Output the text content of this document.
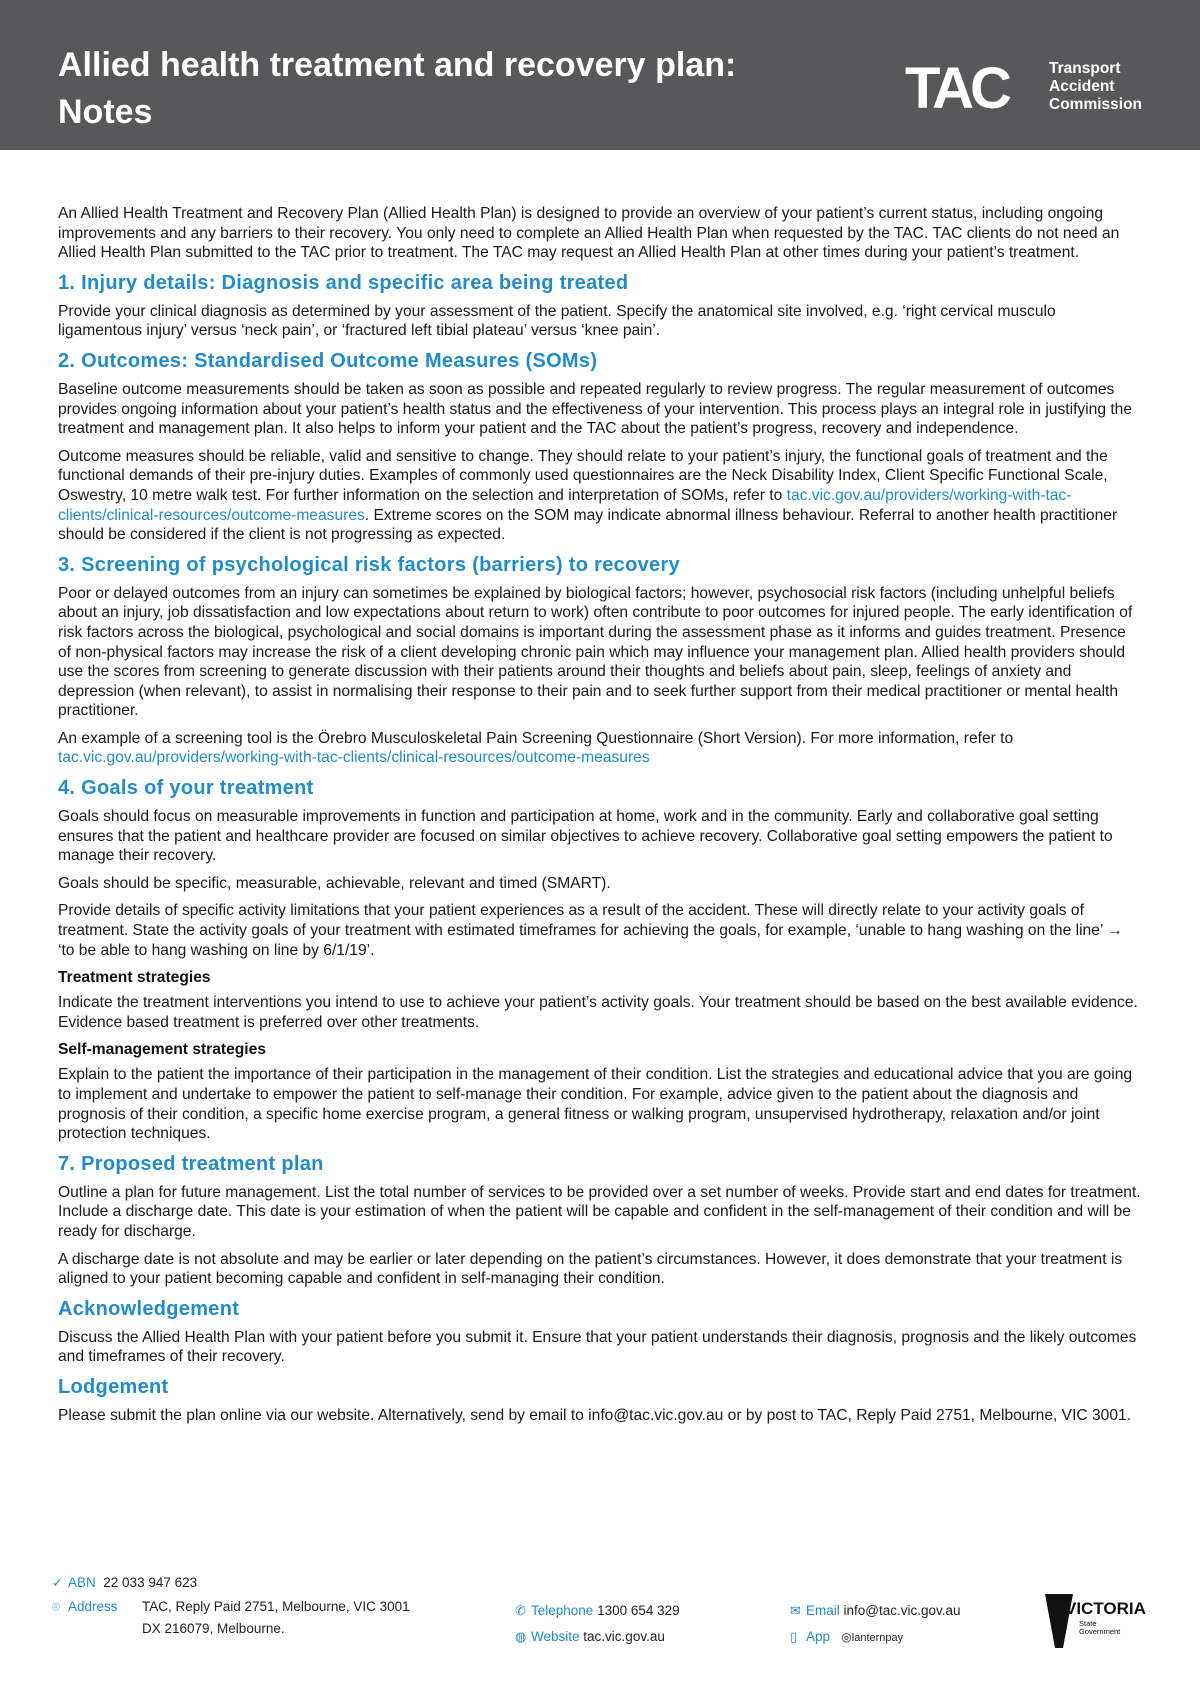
Allied health treatment and recovery plan:
Notes	TAC	Transport
Accident
Commission

An Allied Health Treatment and Recovery Plan (Allied Health Plan) is designed to provide an overview of your patient’s current status, including ongoing improvements and any barriers to their recovery. You only need to complete an Allied Health Plan when requested by the TAC. TAC clients do not need an Allied Health Plan submitted to the TAC prior to treatment. The TAC may request an Allied Health Plan at other times during your patient’s treatment.

1. Injury details: Diagnosis and specific area being treated

Provide your clinical diagnosis as determined by your assessment of the patient. Specify the anatomical site involved, e.g. ‘right cervical musculo ligamentous injury’ versus ‘neck pain’, or ‘fractured left tibial plateau’ versus ‘knee pain’.

2. Outcomes: Standardised Outcome Measures (SOMs)

Baseline outcome measurements should be taken as soon as possible and repeated regularly to review progress. The regular measurement of outcomes provides ongoing information about your patient’s health status and the effectiveness of your intervention. This process plays an integral role in justifying the treatment and management plan. It also helps to inform your patient and the TAC about the patient’s progress, recovery and independence.

Outcome measures should be reliable, valid and sensitive to change. They should relate to your patient’s injury, the functional goals of treatment and the functional demands of their pre-injury duties. Examples of commonly used questionnaires are the Neck Disability Index, Client Specific Functional Scale, Oswestry, 10 metre walk test. For further information on the selection and interpretation of SOMs, refer to tac.vic.gov.au/providers/working-with-tac-clients/clinical-resources/outcome-measures. Extreme scores on the SOM may indicate abnormal illness behaviour. Referral to another health practitioner should be considered if the client is not progressing as expected.

3. Screening of psychological risk factors (barriers) to recovery

Poor or delayed outcomes from an injury can sometimes be explained by biological factors; however, psychosocial risk factors (including unhelpful beliefs about an injury, job dissatisfaction and low expectations about return to work) often contribute to poor outcomes for injured people. The early identification of risk factors across the biological, psychological and social domains is important during the assessment phase as it informs and guides treatment. Presence of non-physical factors may increase the risk of a client developing chronic pain which may influence your management plan. Allied health providers should use the scores from screening to generate discussion with their patients around their thoughts and beliefs about pain, sleep, feelings of anxiety and depression (when relevant), to assist in normalising their response to their pain and to seek further support from their medical practitioner or mental health practitioner.

An example of a screening tool is the Örebro Musculoskeletal Pain Screening Questionnaire (Short Version). For more information, refer to
tac.vic.gov.au/providers/working-with-tac-clients/clinical-resources/outcome-measures

4. Goals of your treatment

Goals should focus on measurable improvements in function and participation at home, work and in the community. Early and collaborative goal setting ensures that the patient and healthcare provider are focused on similar objectives to achieve recovery. Collaborative goal setting empowers the patient to manage their recovery.

Goals should be specific, measurable, achievable, relevant and timed (SMART).

Provide details of specific activity limitations that your patient experiences as a result of the accident. These will directly relate to your activity goals of treatment. State the activity goals of your treatment with estimated timeframes for achieving the goals, for example, ‘unable to hang washing on the line’ → ‘to be able to hang washing on line by 6/1/19’.

Treatment strategies

Indicate the treatment interventions you intend to use to achieve your patient’s activity goals. Your treatment should be based on the best available evidence. Evidence based treatment is preferred over other treatments.

Self-management strategies

Explain to the patient the importance of their participation in the management of their condition. List the strategies and educational advice that you are going to implement and undertake to empower the patient to self-manage their condition. For example, advice given to the patient about the diagnosis and prognosis of their condition, a specific home exercise program, a general fitness or walking program, unsupervised hydrotherapy, relaxation and/or joint protection techniques.

7. Proposed treatment plan

Outline a plan for future management. List the total number of services to be provided over a set number of weeks. Provide start and end dates for treatment. Include a discharge date. This date is your estimation of when the patient will be capable and confident in the self-management of their condition and will be ready for discharge.

A discharge date is not absolute and may be earlier or later depending on the patient’s circumstances. However, it does demonstrate that your treatment is aligned to your patient becoming capable and confident in self-managing their condition.

Acknowledgement

Discuss the Allied Health Plan with your patient before you submit it. Ensure that your patient understands their diagnosis, prognosis and the likely outcomes and timeframes of their recovery.

Lodgement

Please submit the plan online via our website. Alternatively, send by email to info@tac.vic.gov.au or by post to TAC, Reply Paid 2751, Melbourne, VIC 3001.

✓ ABN 22 033 947 623
⌾ Address TAC, Reply Paid 2751, Melbourne, VIC 3001
DX 216079, Melbourne.
✆ Telephone 1300 654 329
◍ Website tac.vic.gov.au
✉ Email info@tac.vic.gov.au
▯ App ◎lanternpay
VICTORIA
State
Government
